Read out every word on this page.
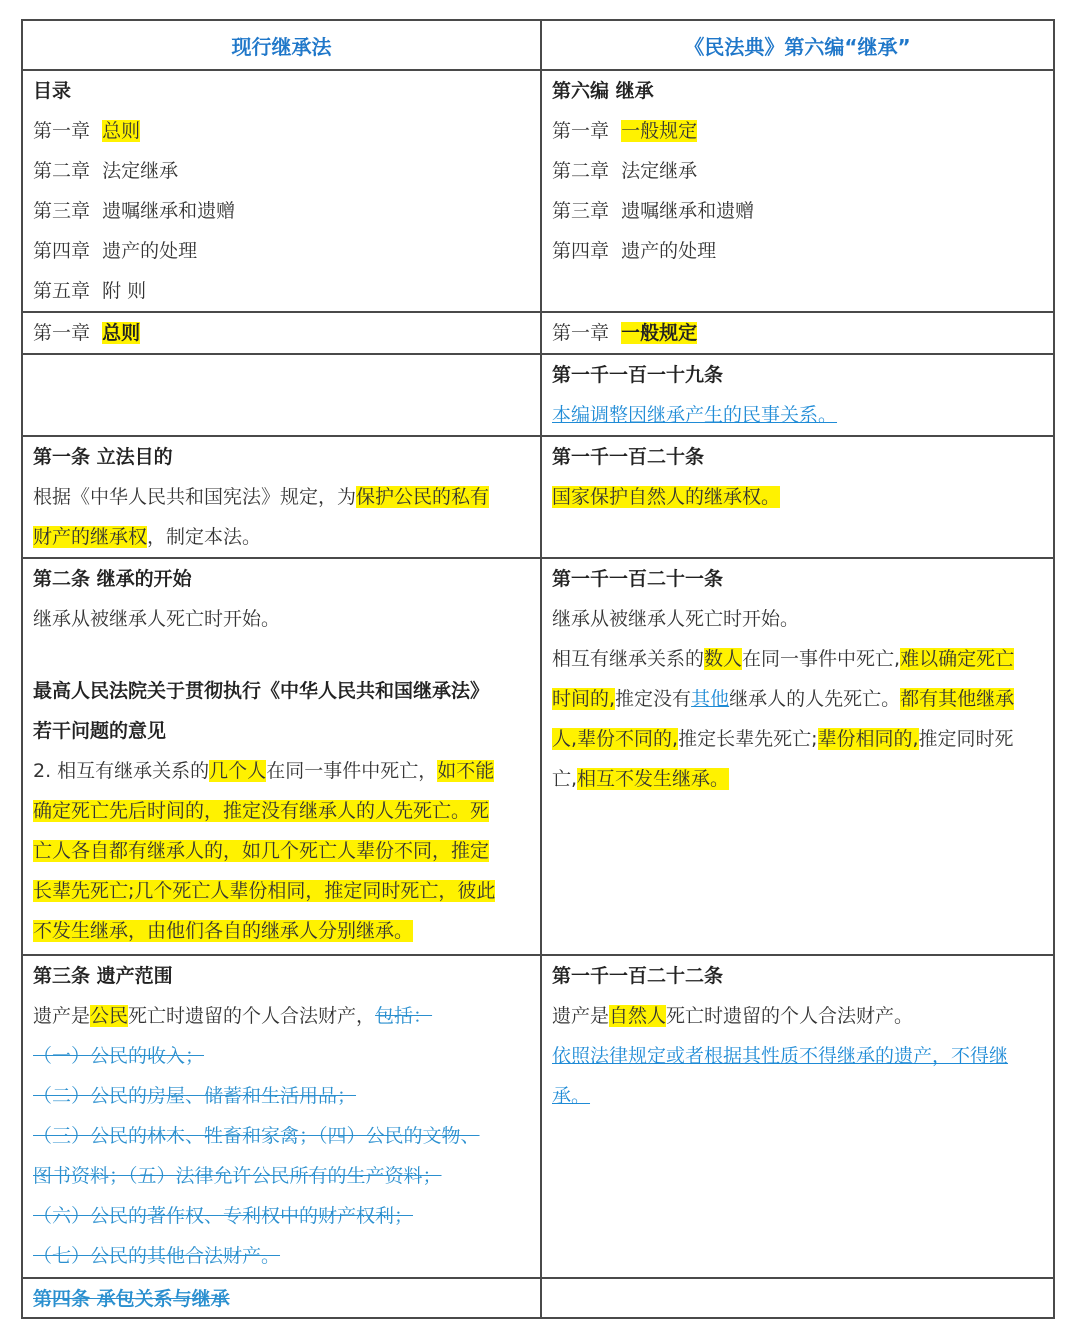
现行继承法	《民法典》第六编“继承”
目录
第一章 总则
第二章 法定继承
第三章 遗嘱继承和遗赠
第四章 遗产的处理
第五章 附 则
第六编 继承
第一章 一般规定
第二章 法定继承
第三章 遗嘱继承和遗赠
第四章 遗产的处理
第一章 总则	第一章 一般规定
第一千一百一十九条
本编调整因继承产生的民事关系。
第一条 立法目的
根据《中华人民共和国宪法》规定，为保护公民的私有
财产的继承权，制定本法。
第一千一百二十条
国家保护自然人的继承权。
第二条 继承的开始
继承从被继承人死亡时开始。
最高人民法院关于贯彻执行《中华人民共和国继承法》
若干问题的意见
2. 相互有继承关系的几个人在同一事件中死亡，如不能
确定死亡先后时间的，推定没有继承人的人先死亡。死
亡人各自都有继承人的，如几个死亡人辈份不同，推定
长辈先死亡;几个死亡人辈份相同，推定同时死亡，彼此
不发生继承，由他们各自的继承人分别继承。
第一千一百二十一条
继承从被继承人死亡时开始。
相互有继承关系的数人在同一事件中死亡,难以确定死亡
时间的,推定没有其他继承人的人先死亡。都有其他继承
人,辈份不同的,推定长辈先死亡;辈份相同的,推定同时死
亡,相互不发生继承。
第三条 遗产范围
遗产是公民死亡时遗留的个人合法财产，包括：
（一）公民的收入；
（二）公民的房屋、储蓄和生活用品；
（三）公民的林木、牲畜和家禽；（四）公民的文物、
图书资料；（五）法律允许公民所有的生产资料；
（六）公民的著作权、专利权中的财产权利；
（七）公民的其他合法财产。
第一千一百二十二条
遗产是自然人死亡时遗留的个人合法财产。
依照法律规定或者根据其性质不得继承的遗产，不得继
承。
第四条 承包关系与继承
